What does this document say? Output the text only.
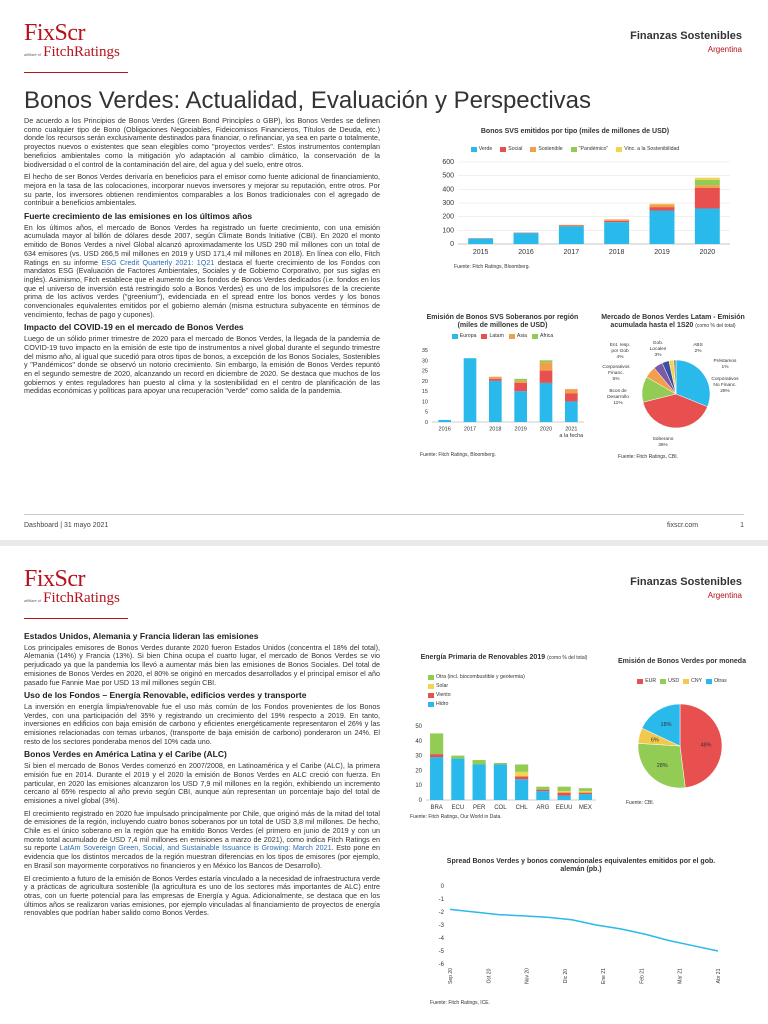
FixScr
affiliate of FitchRatings
Finanzas Sostenibles
Argentina
Bonos Verdes: Actualidad, Evaluación y Perspectivas

De acuerdo a los Principios de Bonos Verdes (Green Bond Principles o GBP), los Bonos Verdes se definen como cualquier tipo de Bono (Obligaciones Negociables, Fideicomisos Financieros, Títulos de Deuda, etc.) donde los recursos serán exclusivamente destinados para financiar, o refinanciar, ya sea en parte o totalmente, proyectos nuevos o existentes que sean elegibles como "proyectos verdes". Estos instrumentos contemplan beneficios ambientales como la mitigación y/o adaptación al cambio climático, la conservación de la biodiversidad o el control de la contaminación del aire, del agua y del suelo, entre otros.

El hecho de ser Bonos Verdes derivaría en beneficios para el emisor como fuente adicional de financiamiento, mejora en la tasa de las colocaciones, incorporar nuevos inversores y mejorar su reputación, entre otros. Por su parte, los inversores obtienen rendimientos comparables a los Bonos tradicionales con el agregado de contribuir a beneficios ambientales.

Fuerte crecimiento de las emisiones en los últimos años

En los últimos años, el mercado de Bonos Verdes ha registrado un fuerte crecimiento, con una emisión acumulada mayor al billón de dólares desde 2007, según Climate Bonds Initiative (CBI). En 2020 el monto emitido de Bonos Verdes a nivel Global alcanzó aproximadamente los USD 290 mil millones con un total de 634 emisores (vs. USD 266,5 mil millones en 2019 y USD 171,4 mil millones en 2018). En línea con ello, Fitch Ratings en su informe ESG Credit Quarterly 2021: 1Q21 destaca el fuerte crecimiento de los Fondos con mandatos ESG (Evaluación de Factores Ambientales, Sociales y de Gobierno Corporativo, por sus siglas en inglés). Asimismo, Fitch establece que el aumento de los fondos de Bonos Verdes dedicados (i.e. fondos en los que el universo de inversión está restringido solo a Bonos Verdes) es uno de los impulsores de la creciente prima de los activos verdes ("greenium"), evidenciada en el spread entre los bonos verdes y los bonos convencionales equivalentes emitidos por el gobierno alemán (misma estructura subyacente en términos de vencimiento, fechas de pago y cupones).

Impacto del COVID-19 en el mercado de Bonos Verdes

Luego de un sólido primer trimestre de 2020 para el mercado de Bonos Verdes, la llegada de la pandemia de COVID-19 tuvo impacto en la emisión de este tipo de instrumentos a nivel global durante el segundo trimestre del mismo año, al igual que sucedió para otros tipos de bonos, a excepción de los Bonos Sociales, Sostenibles y "Pandémicos" donde se observó un notorio crecimiento. Sin embargo, la emisión de Bonos Verdes repuntó en el segundo semestre de 2020, alcanzando un record en diciembre de 2020. Se destaca que muchos de los gobiernos y entes reguladores han puesto al clima y la sostenibilidad en el centro de planificación de las medidas económicas y políticas para apoyar una recuperación "verde" como salida de la pandemia.

Bonos SVS emitidos por tipo (miles de millones de USD)
Verde	Social	Sostenible	"Pandémico"	Vinc. a la Sostenibilidad
600
500
400
300
200
100
0
2015	2016	2017	2018	2019	2020
Fuente: Fitch Ratings, Bloomberg.
Emisión de Bonos SVS Soberanos por región
(miles de millones de USD)
Europa	Latam	Asia	Africa
35
30
25
20
15
10
5
0
2016 2017 2018 2019 2020 2021
a la fecha
Fuente: Fitch Ratings, Bloomberg.
Mercado de Bonos Verdes Latam - Emisión
acumulada hasta el 1S20 (como % del total)
Ent. resp.
por Gob
4%
Gob.
Locales
3%
ABS
2%
Préstamos
1%
Corporativos
No Financ.
28%
Soberano
36%
Bcos de
Desarrollo
11%
Corporativos
Financ.
5%
Fuente: Fitch Ratings, CBI.
Dashboard | 31 mayo 2021	fixscr.com	1
FixScr
affiliate of FitchRatings
Finanzas Sostenibles
Argentina
Estados Unidos, Alemania y Francia lideran las emisiones

Los principales emisores de Bonos Verdes durante 2020 fueron Estados Unidos (concentra el 18% del total), Alemania (14%) y Francia (13%). Si bien China ocupa el cuarto lugar, el mercado de Bonos Verdes se vio perjudicado ya que la pandemia los llevó a aumentar más bien las emisiones de Bonos Sociales. Del total de emisiones de Bonos Verdes en 2020, el 80% se originó en mercados desarrollados y el principal emisor el año pasado fue Fannie Mae por USD 13 mil millones según CBI.

Uso de los Fondos – Energía Renovable, edificios verdes y transporte

La inversión en energía limpia/renovable fue el uso más común de los Fondos provenientes de los Bonos Verdes, con una participación del 35% y registrando un crecimiento del 19% respecto a 2019. En tanto, inversiones en edificios con baja emisión de carbono y eficientes energéticamente representaron el 26% y las emisiones relacionadas con temas urbanos, (transporte de baja emisión de carbono) ponderaron un 24%. El resto de los sectores ponderaba menos del 10% cada uno.

Bonos Verdes en América Latina y el Caribe (ALC)

Si bien el mercado de Bonos Verdes comenzó en 2007/2008, en Latinoamérica y el Caribe (ALC), la primera emisión fue en 2014. Durante el 2019 y el 2020 la emisión de Bonos Verdes en ALC creció con fuerza. En particular, en 2020 las emisiones alcanzaron los USD 7,9 mil millones en la región, exhibiendo un incremento cercano al 65% respecto al año previo según CBI, aunque aún representan un porcentaje bajo del total de emisiones a nivel global (3%).

El crecimiento registrado en 2020 fue impulsado principalmente por Chile, que originó más de la mitad del total de emisiones de la región, incluyendo cuatro bonos soberanos por un total de USD 3,8 mil millones. De hecho, Chile es el único soberano en la región que ha emitido Bonos Verdes (el primero en junio de 2019 y con un monto total acumulado de USD 7,4 mil millones en emisiones a marzo de 2021), como indica Fitch Ratings en su reporte LatAm Sovereign Green, Social, and Sustainable Issuance is Growing: March 2021. Esto pone en evidencia que los distintos mercados de la región muestran diferencias en los tipos de emisores (por ejemplo, en Brasil son mayormente corporativos no financieros y en México los Bancos de Desarrollo).

El crecimiento a futuro de la emisión de Bonos Verdes estaría vinculado a la necesidad de infraestructura verde y a prácticas de agricultura sostenible (la agricultura es uno de los sectores más importantes de ALC) entre otras, con un fuerte potencial para las empresas de Energía y Agua. Adicionalmente, se destaca que en los últimos años se realizaron varias emisiones, por ejemplo vinculadas al financiamiento de proyectos de energía renovables que podrían haber salido como Bonos Verdes.

Energía Primaria de Renovables 2019 (como % del total)
Otra (incl. biocombustible y geotermia)
Solar
Viento
Hidro
50
40
30
20
10
0
BRA ECU PER COL CHL ARG EEUU MEX
Fuente: Fitch Ratings, Our World in Data.
Emisión de Bonos Verdes por moneda
EUR USD CNY Otras
48%
28%
6%
18%
Fuente: CBI.
Spread Bonos Verdes y bonos convencionales equivalentes emitidos por el gob.
alemán (pb.)
0
-1
-2
-3
-4
-5
-6
Sep 20	Oct 20	Nov 20	Dic 20	Ene 21	Feb 21	Mar 21	Abr 21
Fuente: Fitch Ratings, ICE.
